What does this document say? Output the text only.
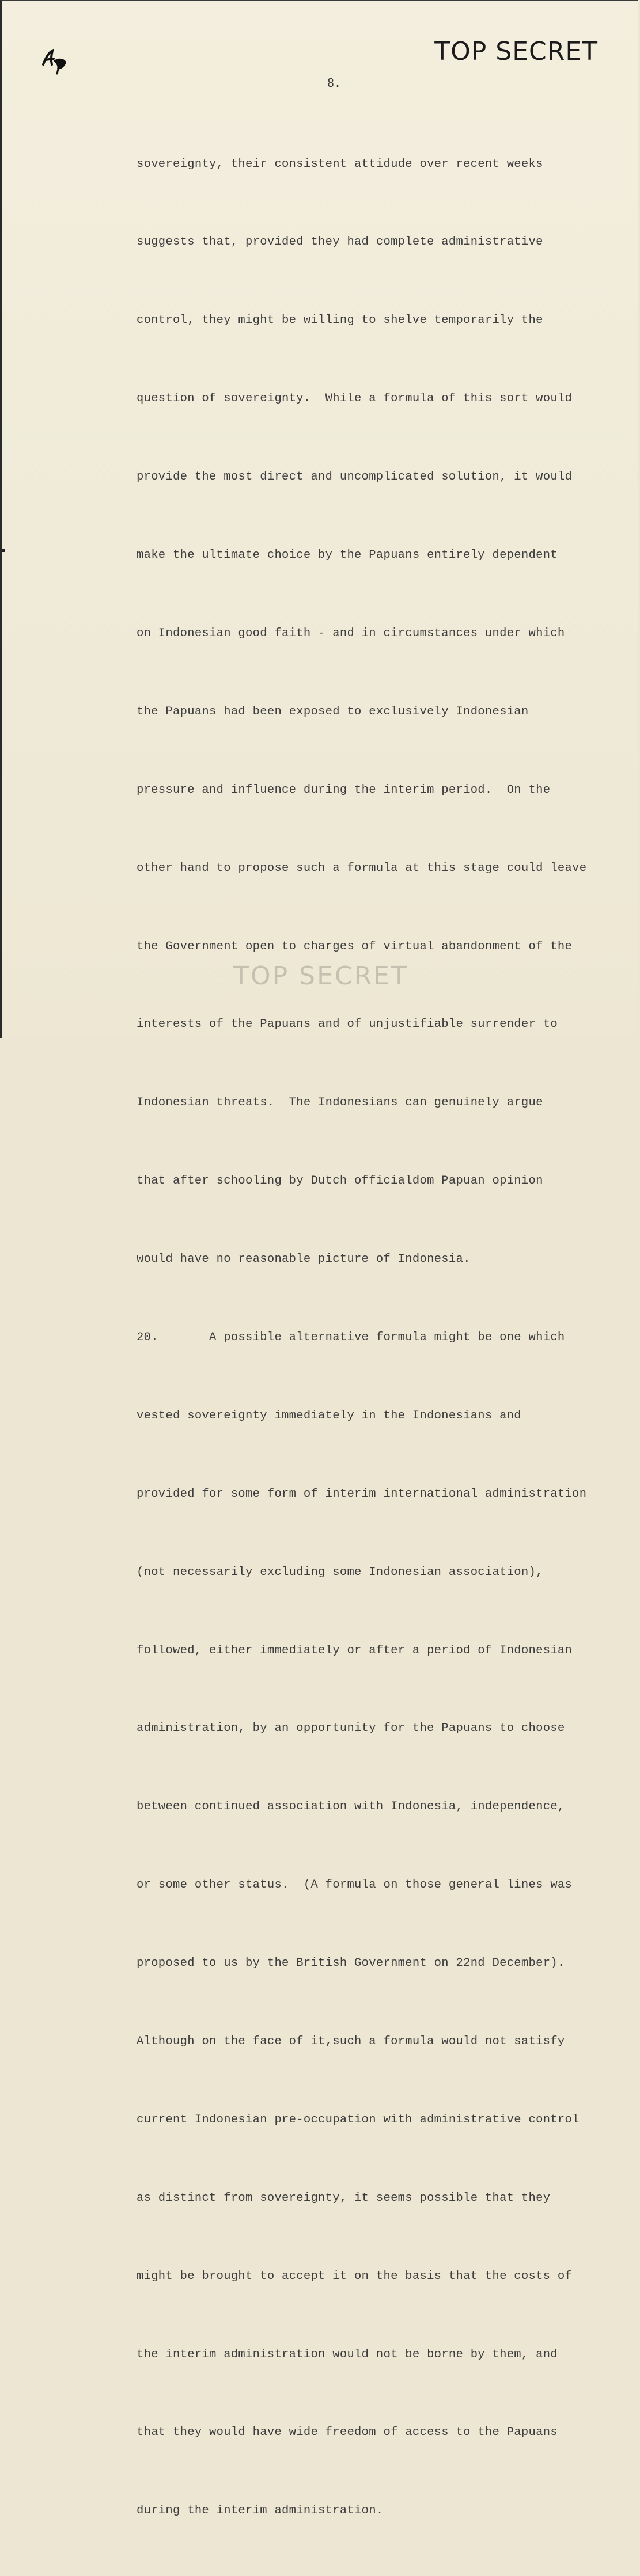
TOP SECRET
8.

sovereignty, their consistent attidude over recent weeks

suggests that, provided they had complete administrative

control, they might be willing to shelve temporarily the

question of sovereignty.  While a formula of this sort would

provide the most direct and uncomplicated solution, it would

make the ultimate choice by the Papuans entirely dependent

on Indonesian good faith - and in circumstances under which

the Papuans had been exposed to exclusively Indonesian

pressure and influence during the interim period.  On the

other hand to propose such a formula at this stage could leave

the Government open to charges of virtual abandonment of the

interests of the Papuans and of unjustifiable surrender to

Indonesian threats.  The Indonesians can genuinely argue

that after schooling by Dutch officialdom Papuan opinion

would have no reasonable picture of Indonesia.

20.       A possible alternative formula might be one which

vested sovereignty immediately in the Indonesians and

provided for some form of interim international administration

(not necessarily excluding some Indonesian association),

followed, either immediately or after a period of Indonesian

administration, by an opportunity for the Papuans to choose

between continued association with Indonesia, independence,

or some other status.  (A formula on those general lines was

proposed to us by the British Government on 22nd December).

Although on the face of it,such a formula would not satisfy

current Indonesian pre-occupation with administrative control

as distinct from sovereignty, it seems possible that they

might be brought to accept it on the basis that the costs of

the interim administration would not be borne by them, and

that they would have wide freedom of access to the Papuans

during the interim administration.

TOP SECRET
